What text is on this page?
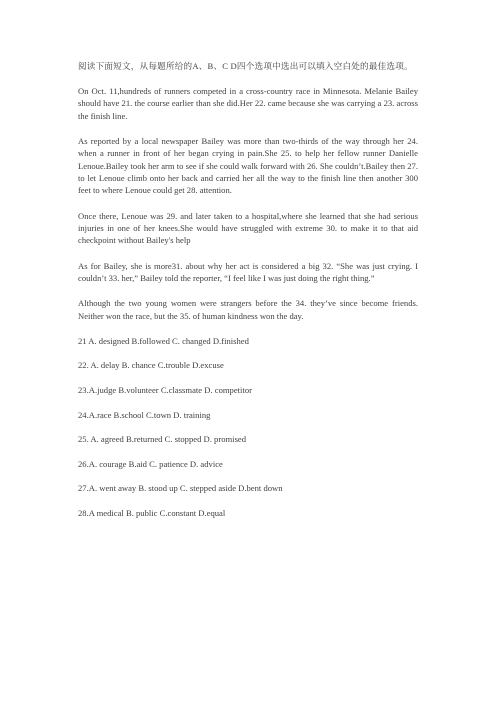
阅读下面短文，从每题所给的A、B、C D四个选项中选出可以填入空白处的最佳选项。

On Oct. 11,hundreds of runners competed in a cross-country race in Minnesota. Melanie Bailey should have 21. the course earlier than she did.Her 22. came because she was carrying a 23. across the finish line.

As reported by a local newspaper Bailey was more than two-thirds of the way through her 24. when a runner in front of her began crying in pain.She 25. to help her fellow runner Danielle Lenoue.Bailey took her arm to see if she could walk forward with 26. She couldn’t.Bailey then 27. to let Lenoue climb onto her back and carried her all the way to the finish line then another 300 feet to where Lenoue could get 28. attention.

Once there, Lenoue was 29. and later taken to a hospital,where she learned that she had serious injuries in one of her knees.She would have struggled with extreme 30. to make it to that aid checkpoint without Bailey's help

As for Bailey, she is more31. about why her act is considered a big 32. “She was just crying. I couldn’t 33. her,” Bailey told the reporter, “I feel like I was just doing the right thing.”

Although the two young women were strangers before the 34. they’ve since become friends. Neither won the race, but the 35. of human kindness won the day.

21 A. designed B.followed C. changed D.finished

22. A. delay B. chance C.trouble D.excuse

23.A.judge B.volunteer C.classmate D. competitor

24.A.race B.school C.town D. training

25. A. agreed B.returned C. stopped D. promised

26.A. courage B.aid C. patience D. advice

27.A. went away B. stood up C. stepped aside D.bent down

28.A medical B. public C.constant D.equal
